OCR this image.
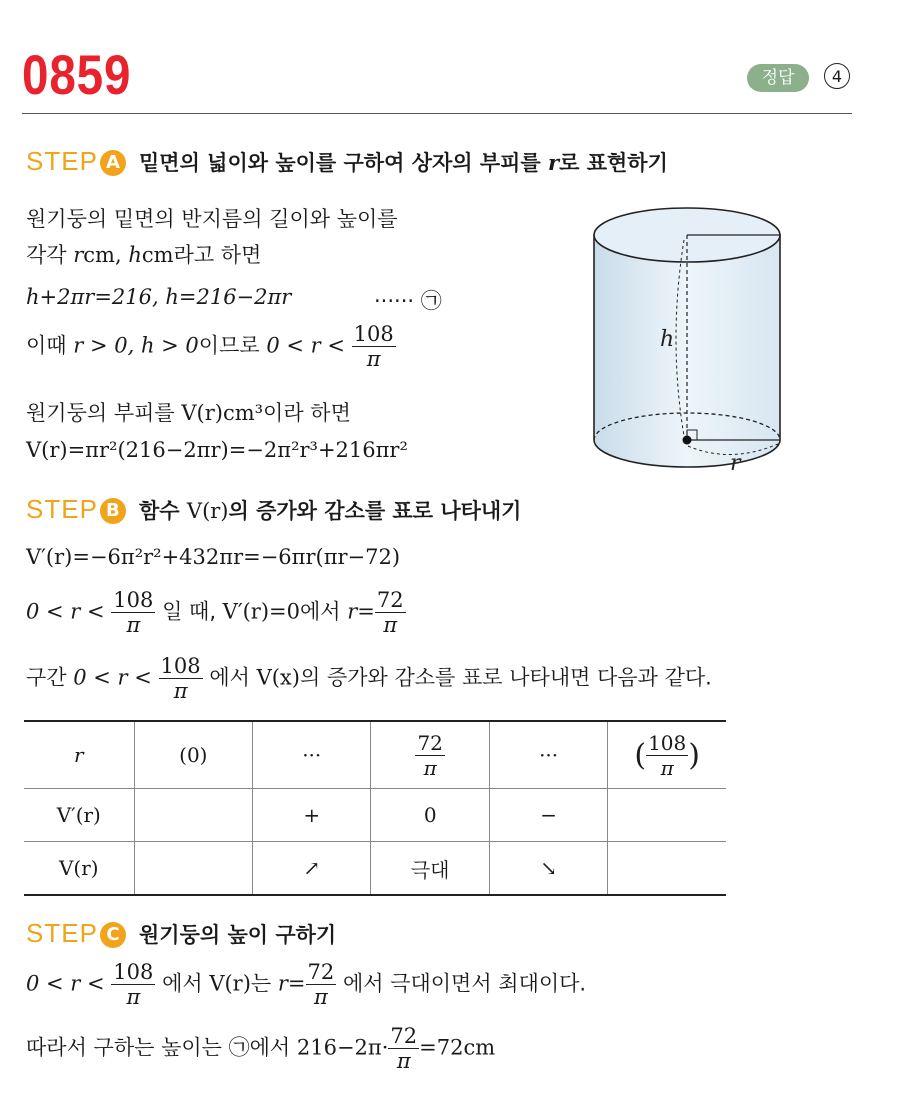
0859	정답	4
STEP A 밑면의 넓이와 높이를 구하여 상자의 부피를 r로 표현하기
원기둥의 밑면의 반지름의 길이와 높이를
각각 rcm, hcm라고 하면
h+2πr=216, h=216−2πr	······ ㉠
이때 r > 0, h > 0이므로 $0 < r < \frac{108}{\pi}$
원기둥의 부피를 V(r)cm³이라 하면
V(r)=πr²(216−2πr)=−2π²r³+216πr²
h
r
STEP B 함수 V(r)의 증가와 감소를 표로 나타내기
V′(r)=−6π²r²+432πr=−6πr(πr−72)
$0 < r < \frac{108}{\pi}$ 일 때, V′(r)=0에서 $r= \frac{72}{\pi}$
구간 $0 < r < \frac{108}{\pi}$ 에서 V(x)의 증가와 감소를 표로 나타내면 다음과 같다.
r	(0)	···	$\frac{72}{\pi}$	···	( $\frac{108}{\pi}$ )
V′(r)		+	0	−	
V(r)		↗	극대	↘	
STEP C 원기둥의 높이 구하기
$0 < r < \frac{108}{\pi}$ 에서 V(r)는 $r= \frac{72}{\pi}$ 에서 극대이면서 최대이다.
따라서 구하는 높이는 ㉠에서 $216-2\pi\cdot \frac{72}{\pi} =72cm$
